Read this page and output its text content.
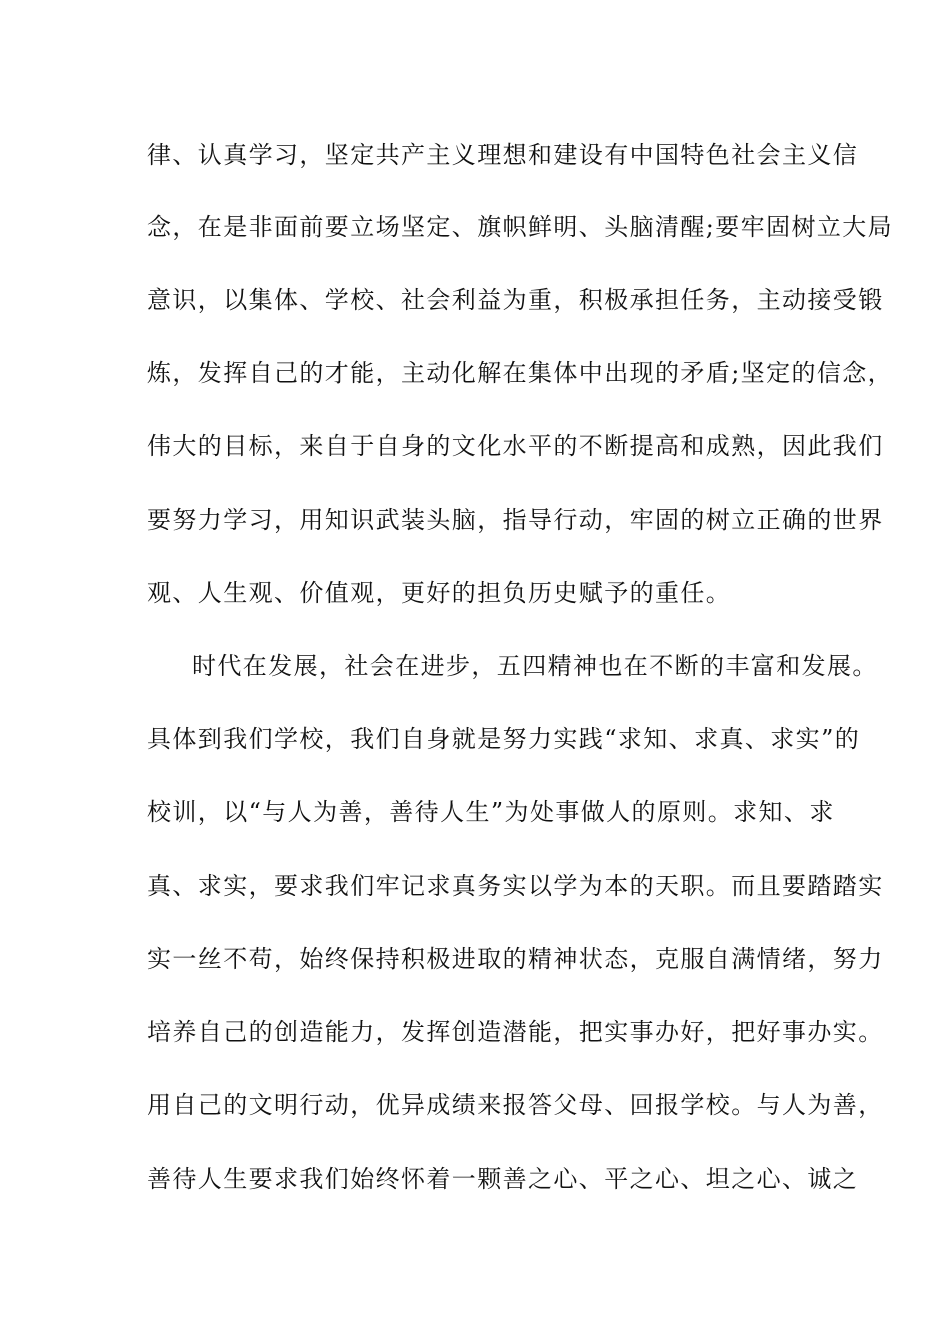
律、认真学习，坚定共产主义理想和建设有中国特色社会主义信
念，在是非面前要立场坚定、旗帜鲜明、头脑清醒;要牢固树立大局
意识，以集体、学校、社会利益为重，积极承担任务，主动接受锻
炼，发挥自己的才能，主动化解在集体中出现的矛盾;坚定的信念，
伟大的目标，来自于自身的文化水平的不断提高和成熟，因此我们
要努力学习，用知识武装头脑，指导行动，牢固的树立正确的世界
观、人生观、价值观，更好的担负历史赋予的重任。
时代在发展，社会在进步，五四精神也在不断的丰富和发展。
具体到我们学校，我们自身就是努力实践“求知、求真、求实”的
校训，以“与人为善，善待人生”为处事做人的原则。求知、求
真、求实，要求我们牢记求真务实以学为本的天职。而且要踏踏实
实一丝不苟，始终保持积极进取的精神状态，克服自满情绪，努力
培养自己的创造能力，发挥创造潜能，把实事办好，把好事办实。
用自己的文明行动，优异成绩来报答父母、回报学校。与人为善，
善待人生要求我们始终怀着一颗善之心、平之心、坦之心、诚之
